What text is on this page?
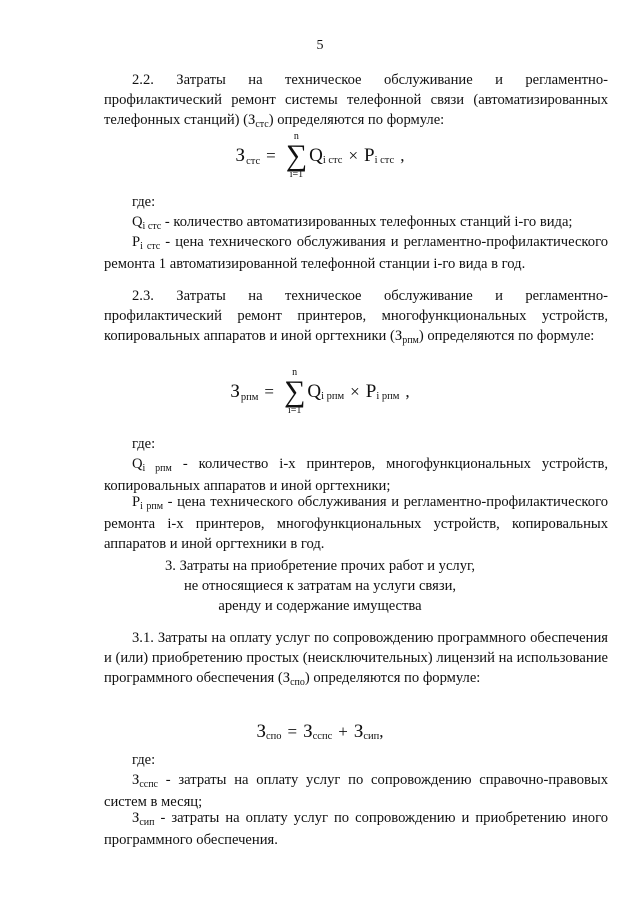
5
2.2. Затраты на техническое обслуживание и регламентно-профилактический ремонт системы телефонной связи (автоматизированных телефонных станций) $(З_{стс})$ определяются по формуле:
З стс =
n
∑
i=1
Q i стс × P i стс ,
где:
$Q_{i стс}$ - количество автоматизированных телефонных станций i-го вида;
$P_{i стс}$ - цена технического обслуживания и регламентно-профилактического ремонта 1 автоматизированной телефонной станции i-го вида в год.
2.3. Затраты на техническое обслуживание и регламентно-профилактический ремонт принтеров, многофункциональных устройств, копировальных аппаратов и иной оргтехники $(З_{рпм})$ определяются по формуле:
З рпм =
n
∑
i=1
Q i рпм × P i рпм ,
где:
$Q_{i рпм}$ - количество i-х принтеров, многофункциональных устройств, копировальных аппаратов и иной оргтехники;
$P_{i рпм}$ - цена технического обслуживания и регламентно-профилактического ремонта i-х принтеров, многофункциональных устройств, копировальных аппаратов и иной оргтехники в год.
3. Затраты на приобретение прочих работ и услуг,
не относящиеся к затратам на услуги связи,
аренду и содержание имущества
3.1. Затраты на оплату услуг по сопровождению программного обеспечения и (или) приобретению простых (неисключительных) лицензий на использование программного обеспечения $(З_{спо})$ определяются по формуле:
З спо = З сспс + З сип ,
где:
$З_{сспс}$ - затраты на оплату услуг по сопровождению справочно-правовых систем в месяц;
$З_{сип}$ - затраты на оплату услуг по сопровождению и приобретению иного программного обеспечения.
